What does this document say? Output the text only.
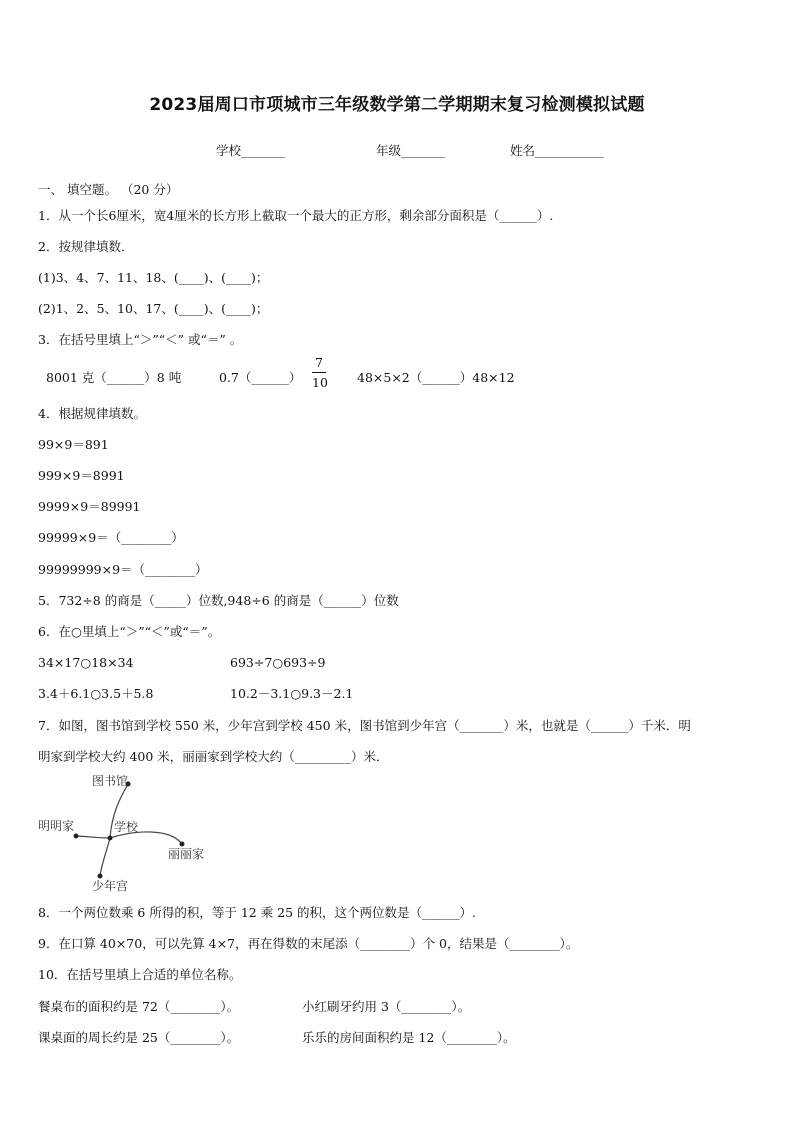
2023届周口市项城市三年级数学第二学期期末复习检测模拟试题
学校_______	年级_______	姓名___________
一、 填空题。 （20 分）
1．从一个长6厘米，宽4厘米的长方形上截取一个最大的正方形，剩余部分面积是（______）.
2．按规律填数．
(1)3、4、7、11、18、(____)、(____)；
(2)1、2、5、10、17、(____)、(____)；
3．在括号里填上“＞”“＜” 或“＝” 。
8001 克（______）8 吨	0.7（______）
7
10 48×5×2（______）48×12
4．根据规律填数。
99×9＝891
999×9＝8991
9999×9＝89991
99999×9＝（________）
99999999×9＝（________）
5．732÷8 的商是（_____）位数,948÷6 的商是（______）位数
6．在○里填上“＞”“＜”或“＝”。
34×17○18×34	693÷7○693÷9
3.4＋6.1○3.5＋5.8	10.2－3.1○9.3－2.1
7．如图，图书馆到学校 550 米，少年宫到学校 450 米，图书馆到少年宫（_______）米，也就是（______）千米．明
明家到学校大约 400 米，丽丽家到学校大约（_________）米．
图书馆
学校
明明家
丽丽家
少年宫
8．一个两位数乘 6 所得的积，等于 12 乘 25 的积，这个两位数是（______）.
9．在口算 40×70，可以先算 4×7，再在得数的末尾添（________）个 0，结果是（________）。
10．在括号里填上合适的单位名称。
餐桌布的面积约是 72（________）。	小红刷牙约用 3（________）。
课桌面的周长约是 25（________）。	乐乐的房间面积约是 12（________）。
